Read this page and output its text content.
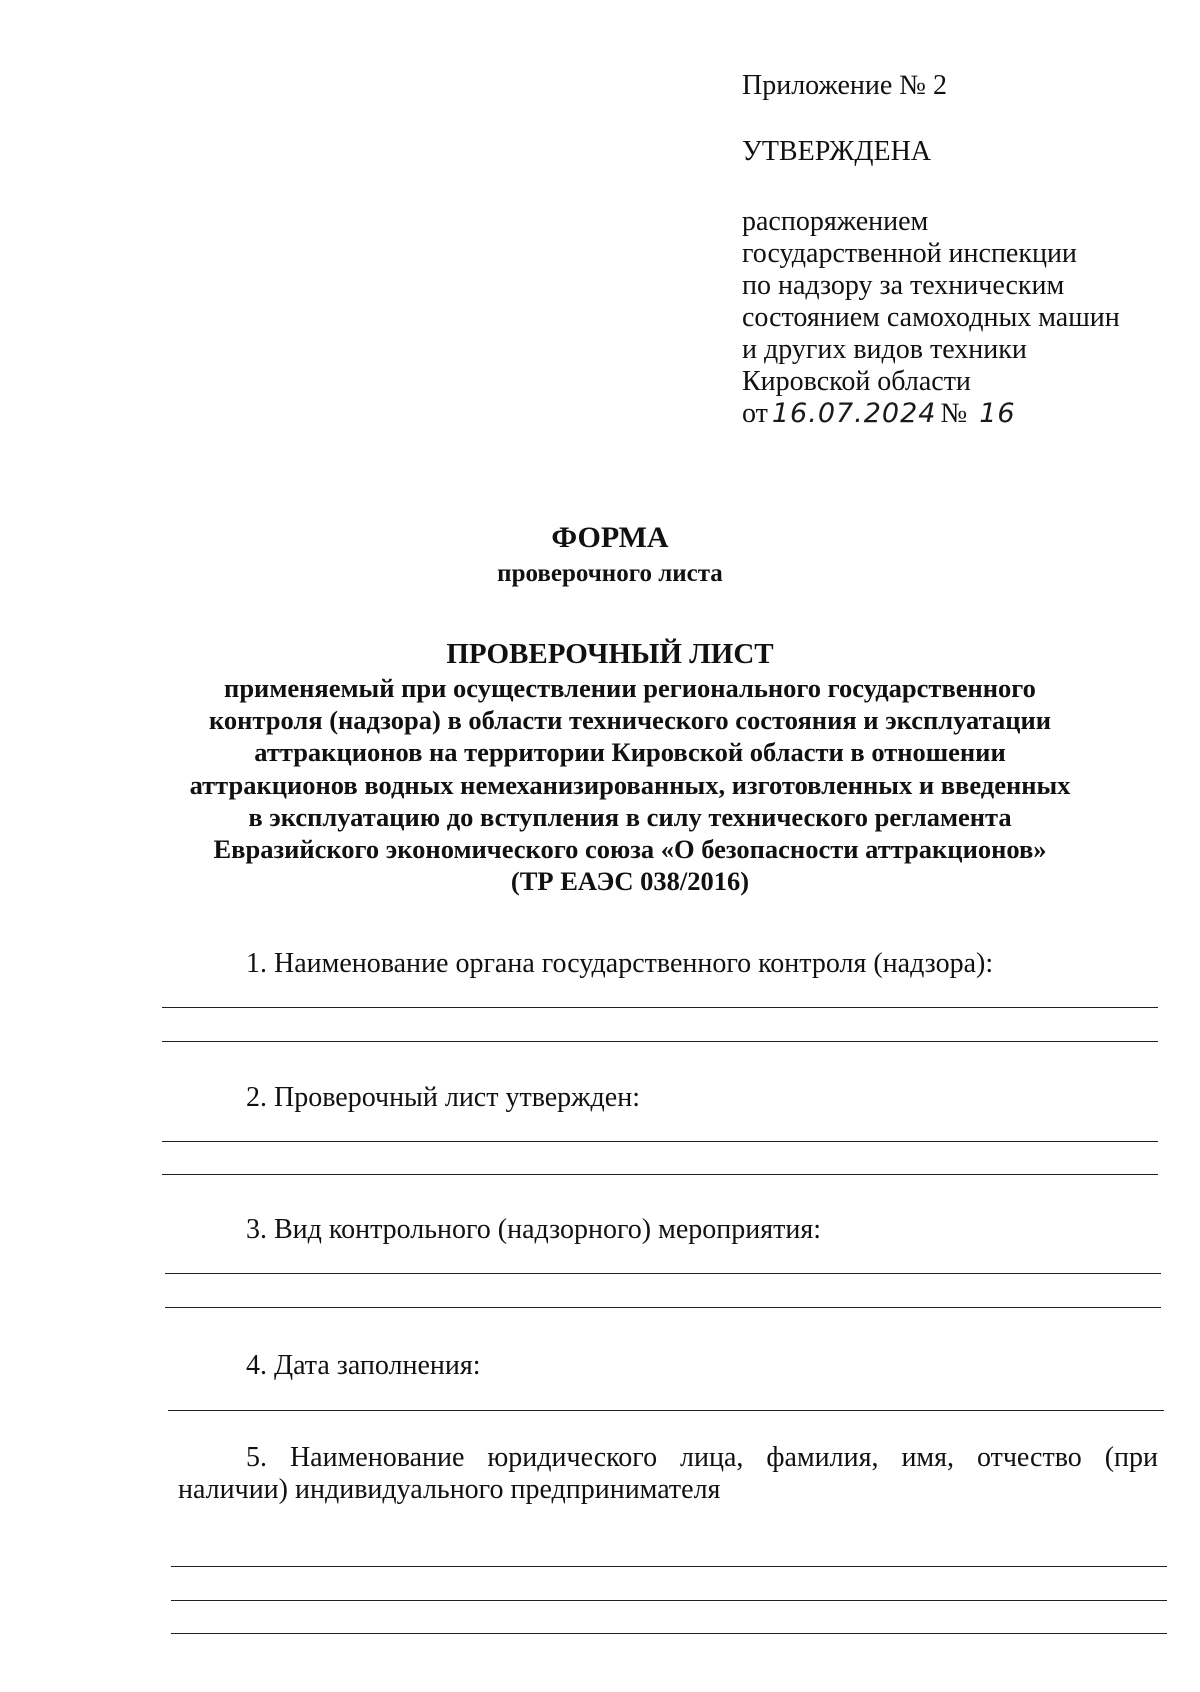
Приложение № 2

УТВЕРЖДЕНА

распоряжением

государственной инспекции

по надзору за техническим

состоянием самоходных машин

и других видов техники

Кировской области

от 16.07.2024 № 16

ФОРМА
проверочного листа
ПРОВЕРОЧНЫЙ ЛИСТ
применяемый при осуществлении регионального государственного
контроля (надзора) в области технического состояния и эксплуатации
аттракционов на территории Кировской области в отношении
аттракционов водных немеханизированных, изготовленных и введенных
в эксплуатацию до вступления в силу технического регламента
Евразийского экономического союза «О безопасности аттракционов»
(ТР ЕАЭС 038/2016)
1. Наименование органа государственного контроля (надзора):
2. Проверочный лист утвержден:
3. Вид контрольного (надзорного) мероприятия:
4. Дата заполнения:
5. Наименование юридического лица, фамилия, имя, отчество (при наличии) индивидуального предпринимателя
